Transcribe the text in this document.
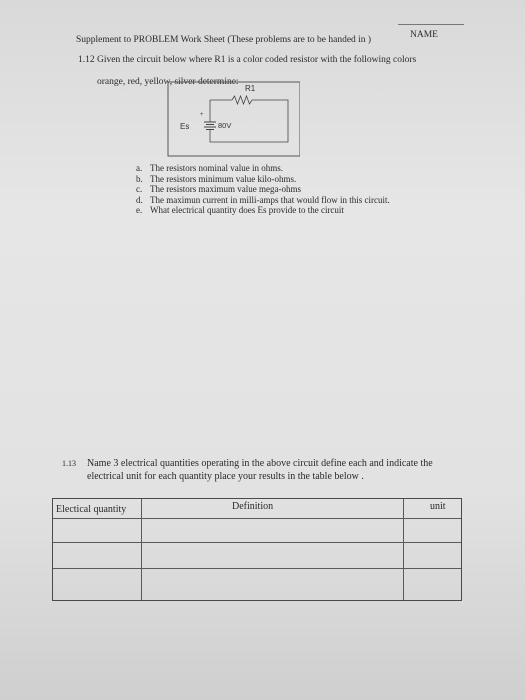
Supplement to PROBLEM Work Sheet (These problems are to be handed in )	NAME
1.12 Given the circuit below where R1 is a color coded resistor with the following colors
orange, red, yellow, silver determine:
R1
+
Es	80V
a. The resistors nominal value in ohms.
b. The resistors minimum value kilo-ohms.
c. The resistors maximum value mega-ohms
d. The maximun current in milli-amps that would flow in this circuit.
e. What electrical quantity does Es provide to the circuit
1.13 Name 3 electrical quantities operating in the above circuit define each and indicate the
electrical unit for each quantity place your results in the table below .
Electical quantity	Definition	unit
